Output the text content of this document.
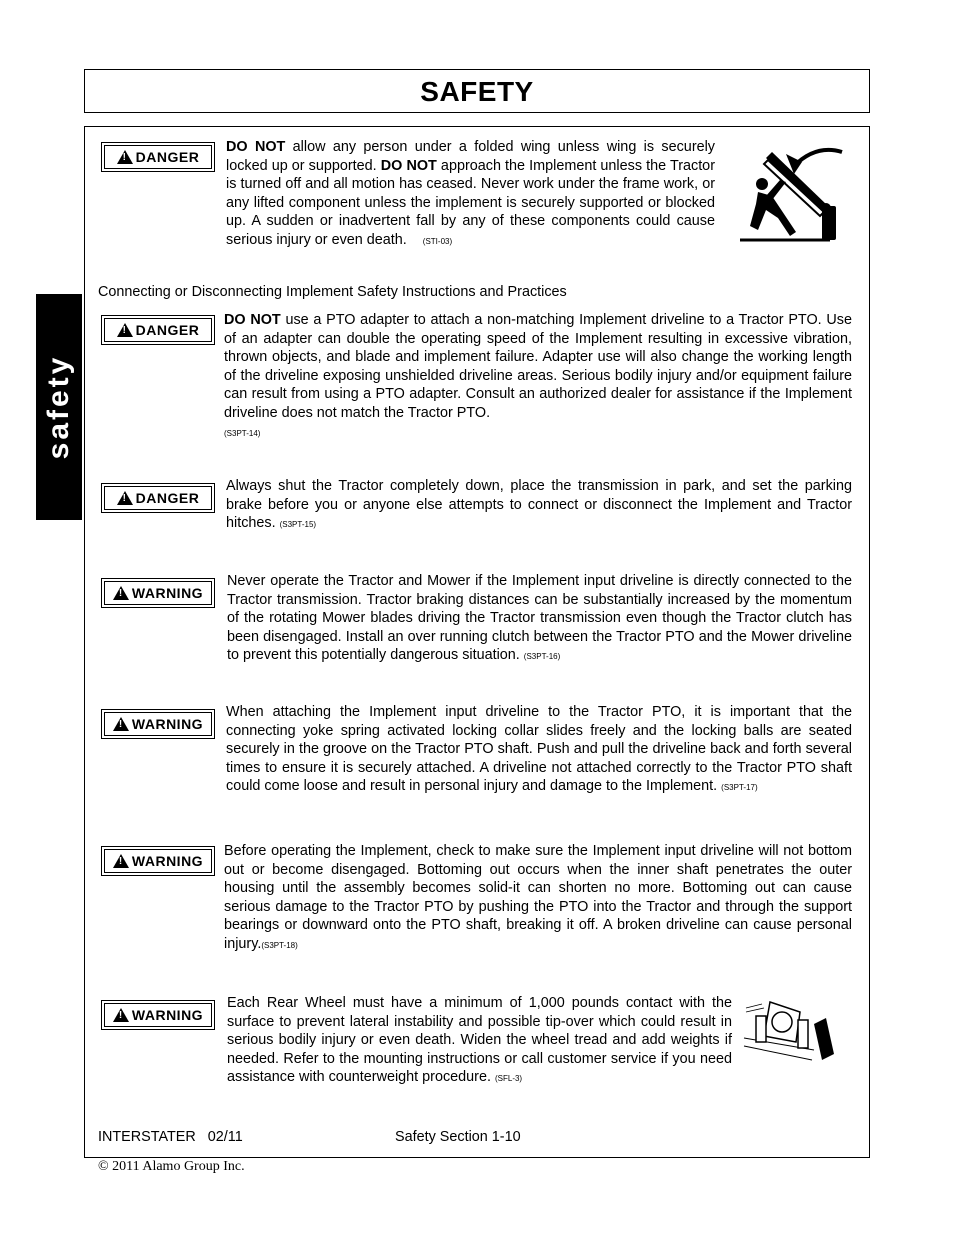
SAFETY
safety
!
DANGER
DO NOT allow any person under a folded wing unless wing is securely locked up or supported. DO NOT approach the Implement unless the Tractor is turned off and all motion has ceased. Never work under the frame work, or any lifted component unless the implement is securely supported or blocked up. A sudden or inadvertent fall by any of these components could cause serious injury or even death. (STI-03)
Connecting or Disconnecting Implement Safety Instructions and Practices
!
DANGER
DO NOT use a PTO adapter to attach a non-matching Implement driveline to a Tractor PTO. Use of an adapter can double the operating speed of the Implement resulting in excessive vibration, thrown objects, and blade and implement failure. Adapter use will also change the working length of the driveline exposing unshielded driveline areas. Serious bodily injury and/or equipment failure can result from using a PTO adapter. Consult an authorized dealer for assistance if the Implement driveline does not match the Tractor PTO.
(S3PT-14)
!
DANGER
Always shut the Tractor completely down, place the transmission in park, and set the parking brake before you or anyone else attempts to connect or disconnect the Implement and Tractor hitches. (S3PT-15)
!
WARNING
Never operate the Tractor and Mower if the Implement input driveline is directly connected to the Tractor transmission. Tractor braking distances can be substantially increased by the momentum of the rotating Mower blades driving the Tractor transmission even though the Tractor clutch has been disengaged. Install an over running clutch between the Tractor PTO and the Mower driveline to prevent this potentially dangerous situation. (S3PT-16)
!
WARNING
When attaching the Implement input driveline to the Tractor PTO, it is important that the connecting yoke spring activated locking collar slides freely and the locking balls are seated securely in the groove on the Tractor PTO shaft. Push and pull the driveline back and forth several times to ensure it is securely attached. A driveline not attached correctly to the Tractor PTO shaft could come loose and result in personal injury and damage to the Implement. (S3PT-17)
!
WARNING
Before operating the Implement, check to make sure the Implement input driveline will not bottom out or become disengaged. Bottoming out occurs when the inner shaft penetrates the outer housing until the assembly becomes solid-it can shorten no more. Bottoming out can cause serious damage to the Tractor PTO by pushing the PTO into the Tractor and through the support bearings or downward onto the PTO shaft, breaking it off. A broken driveline can cause personal injury.(S3PT-18)
!
WARNING
Each Rear Wheel must have a minimum of 1,000 pounds contact with the surface to prevent lateral instability and possible tip-over which could result in serious bodily injury or even death. Widen the wheel tread and add weights if needed. Refer to the mounting instructions or call customer service if you need assistance with counterweight procedure. (SFL-3)
INTERSTATER   02/11	Safety Section 1-10
© 2011 Alamo Group Inc.
